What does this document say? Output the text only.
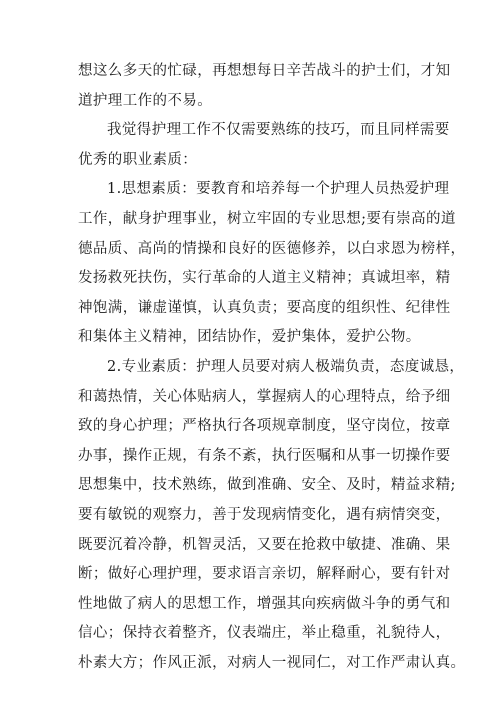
想这么多天的忙碌，再想想每日辛苦战斗的护士们，才知
道护理工作的不易。
我觉得护理工作不仅需要熟练的技巧，而且同样需要
优秀的职业素质：
1.思想素质：要教育和培养每一个护理人员热爱护理
工作，献身护理事业，树立牢固的专业思想;要有崇高的道
德品质、高尚的情操和良好的医德修养，以白求恩为榜样，
发扬救死扶伤，实行革命的人道主义精神；真诚坦率，精
神饱满，谦虚谨慎，认真负责；要高度的组织性、纪律性
和集体主义精神，团结协作，爱护集体，爱护公物。
2.专业素质：护理人员要对病人极端负责，态度诚恳，
和蔼热情，关心体贴病人，掌握病人的心理特点，给予细
致的身心护理；严格执行各项规章制度，坚守岗位，按章
办事，操作正规，有条不紊，执行医嘱和从事一切操作要
思想集中，技术熟练，做到准确、安全、及时，精益求精;
要有敏锐的观察力，善于发现病情变化，遇有病情突变，
既要沉着冷静，机智灵活，又要在抢救中敏捷、准确、果
断；做好心理护理，要求语言亲切，解释耐心，要有针对
性地做了病人的思想工作，增强其向疾病做斗争的勇气和
信心；保持衣着整齐，仪表端庄，举止稳重，礼貌待人，
朴素大方；作风正派，对病人一视同仁，对工作严肃认真。
